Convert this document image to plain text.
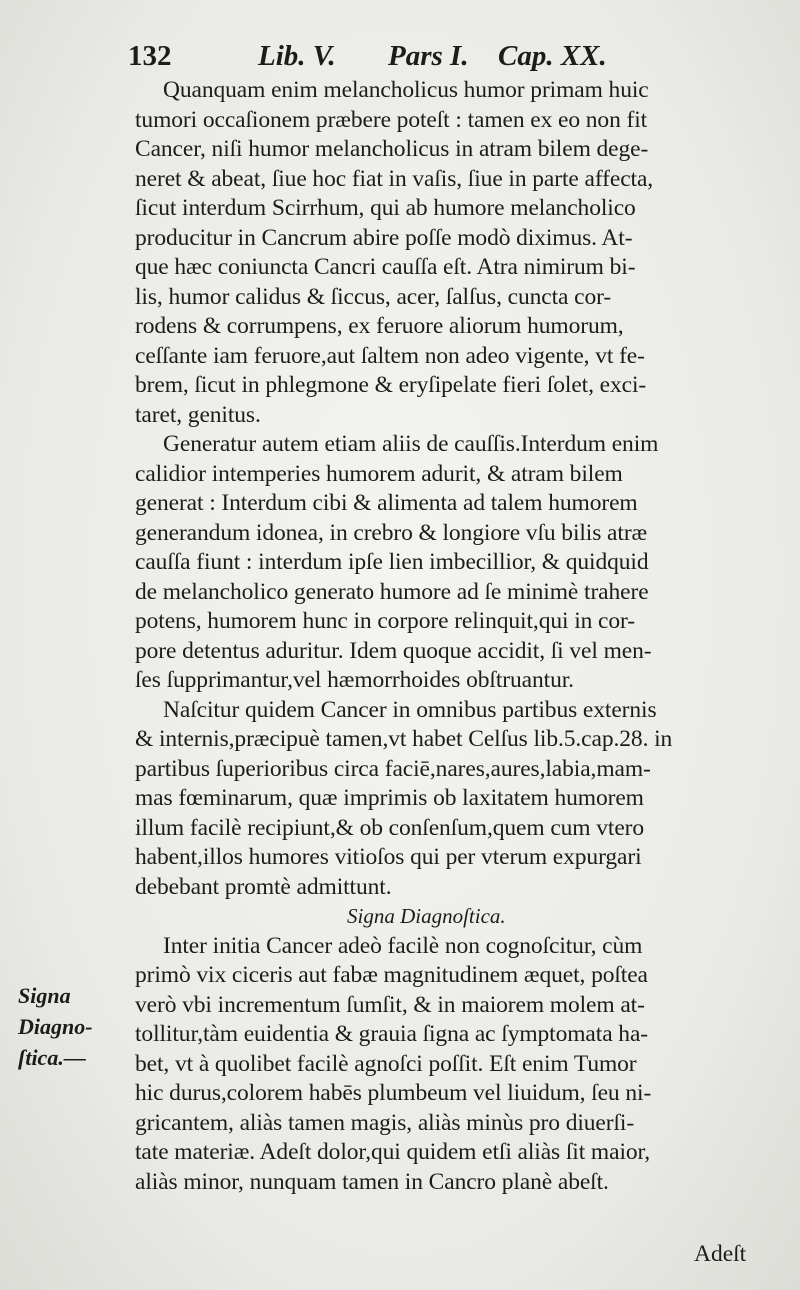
132	Lib. V. Pars I. Cap. XX.
Quanquam enim melancholicus humor primam huic
tumori occaſionem præbere poteſt : tamen ex eo non fit
Cancer, niſi humor melancholicus in atram bilem dege-
neret & abeat, ſiue hoc fiat in vaſis, ſiue in parte affecta,
ſicut interdum Scirrhum, qui ab humore melancholico
producitur in Cancrum abire poſſe modò diximus. At-
que hæc coniuncta Cancri cauſſa eſt. Atra nimirum bi-
lis, humor calidus & ſiccus, acer, ſalſus, cuncta cor-
rodens & corrumpens, ex feruore aliorum humorum,
ceſſante iam feruore,aut ſaltem non adeo vigente, vt fe-
brem, ſicut in phlegmone & eryſipelate fieri ſolet, exci-
taret, genitus.
Generatur autem etiam aliis de cauſſis.Interdum enim
calidior intemperies humorem adurit, & atram bilem
generat : Interdum cibi & alimenta ad talem humorem
generandum idonea, in crebro & longiore vſu bilis atræ
cauſſa fiunt : interdum ipſe lien imbecillior, & quidquid
de melancholico generato humore ad ſe minimè trahere
potens, humorem hunc in corpore relinquit,qui in cor-
pore detentus aduritur. Idem quoque accidit, ſi vel men-
ſes ſupprimantur,vel hæmorrhoides obſtruantur.
Naſcitur quidem Cancer in omnibus partibus externis
& internis,præcipuè tamen,vt habet Celſus lib.5.cap.28. in
partibus ſuperioribus circa faciē,nares,aures,labia,mam-
mas fœminarum, quæ imprimis ob laxitatem humorem
illum facilè recipiunt,& ob conſenſum,quem cum vtero
habent,illos humores vitioſos qui per vterum expurgari
debebant promtè admittunt.
Signa Diagnoſtica.
Inter initia Cancer adeò facilè non cognoſcitur, cùm
primò vix ciceris aut fabæ magnitudinem æquet, poſtea
verò vbi incrementum ſumſit, & in maiorem molem at-
tollitur,tàm euidentia & grauia ſigna ac ſymptomata ha-
bet, vt à quolibet facilè agnoſci poſſit. Eſt enim Tumor
hic durus,colorem habēs plumbeum vel liuidum, ſeu ni-
gricantem, aliàs tamen magis, aliàs minùs pro diuerſi-
tate materiæ. Adeſt dolor,qui quidem etſi aliàs ſit maior,
aliàs minor, nunquam tamen in Cancro planè abeſt.
Signa
Diagno-
ſtica.—
Adeſt
